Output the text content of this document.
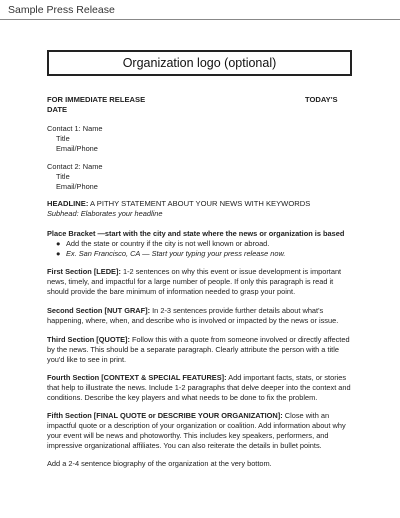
Sample Press Release
Organization logo (optional)
FOR IMMEDIATE RELEASE
DATE
TODAY'S
Contact 1: Name
Title
Email/Phone
Contact 2: Name
Title
Email/Phone
HEADLINE: A PITHY STATEMENT ABOUT YOUR NEWS WITH KEYWORDS
Subhead: Elaborates your headline
Place Bracket —start with the city and state where the news or organization is based
● Add the state or country if the city is not well known or abroad.
● Ex. San Francisco, CA — Start your typing your press release now.
First Section [LEDE]: 1-2 sentences on why this event or issue development is important news, timely, and impactful for a large number of people. If only this paragraph is read it should provide the bare minimum of information needed to grasp your point.
Second Section [NUT GRAF]: In 2-3 sentences provide further details about what's happening, where, when, and describe who is involved or impacted by the news or issue.
Third Section [QUOTE]: Follow this with a quote from someone involved or directly affected by the news. This should be a separate paragraph. Clearly attribute the person with a title you'd like to see in print.
Fourth Section [CONTEXT & SPECIAL FEATURES]: Add important facts, stats, or stories that help to illustrate the news. Include 1-2 paragraphs that delve deeper into the context and conditions. Describe the key players and what needs to be done to fix the problem.
Fifth Section [FINAL QUOTE or DESCRIBE YOUR ORGANIZATION]: Close with an impactful quote or a description of your organization or coalition. Add information about why your event will be news and photoworthy. This includes key speakers, performers, and impressive organizational affiliates. You can also reiterate the details in bullet points.
Add a 2-4 sentence biography of the organization at the very bottom.
